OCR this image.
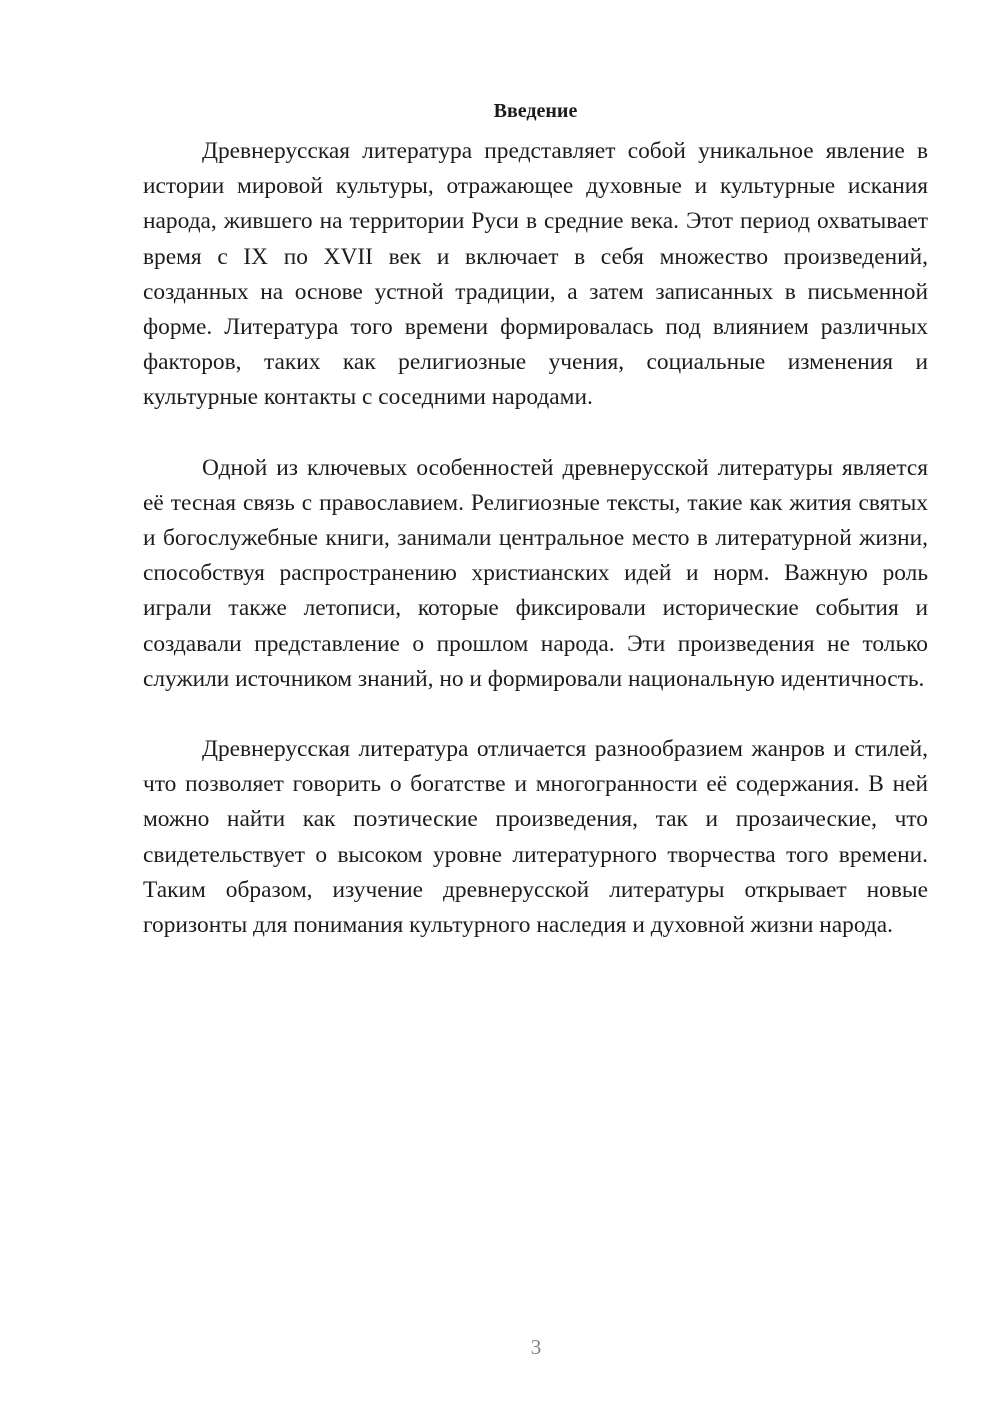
Введение

Древнерусская литература представляет собой уникальное явление в истории мировой культуры, отражающее духовные и культурные искания народа, жившего на территории Руси в средние века. Этот период охватывает время с IX по XVII век и включает в себя множество произведений, созданных на основе устной традиции, а затем записанных в письменной форме. Литература того времени формировалась под влиянием различных факторов, таких как религиозные учения, социальные изменения и культурные контакты с соседними народами.

Одной из ключевых особенностей древнерусской литературы является её тесная связь с православием. Религиозные тексты, такие как жития святых и богослужебные книги, занимали центральное место в литературной жизни, способствуя распространению христианских идей и норм. Важную роль играли также летописи, которые фиксировали исторические события и создавали представление о прошлом народа. Эти произведения не только служили источником знаний, но и формировали национальную идентичность.

Древнерусская литература отличается разнообразием жанров и стилей, что позволяет говорить о богатстве и многогранности её содержания. В ней можно найти как поэтические произведения, так и прозаические, что свидетельствует о высоком уровне литературного творчества того времени. Таким образом, изучение древнерусской литературы открывает новые горизонты для понимания культурного наследия и духовной жизни народа.

3
